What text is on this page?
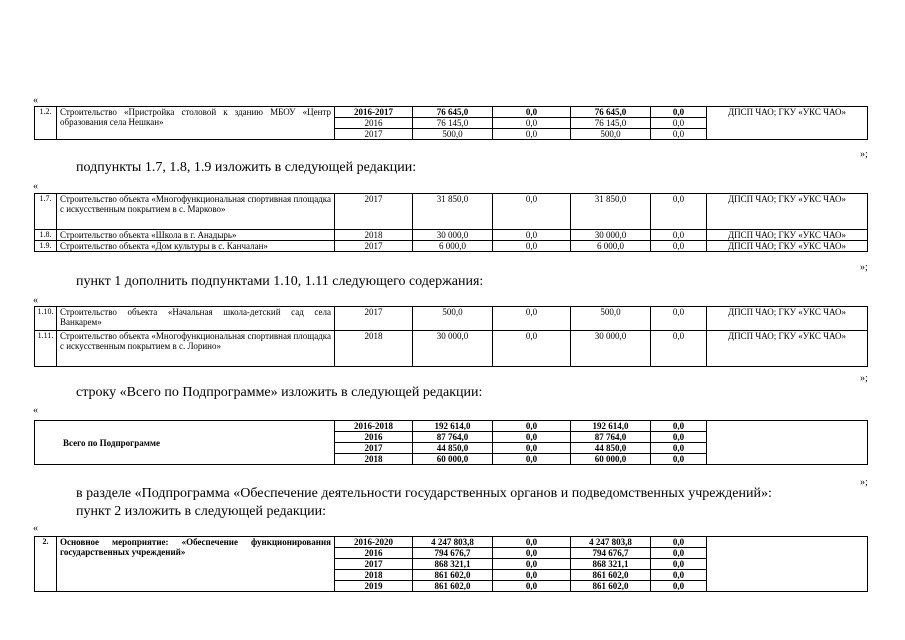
«
1.2.	Строительство «Пристройка столовой к зданию МБОУ «Центр образования села Нешкан»	2016-2017	76 645,0	0,0	76 645,0	0,0	ДПСП ЧАО; ГКУ «УКС ЧАО»
		2016	76 145,0	0,0	76 145,0	0,0	
		2017	500,0	0,0	500,0	0,0	
»;
подпункты 1.7, 1.8, 1.9 изложить в следующей редакции:
«
1.7.	Строительство объекта «Многофункциональная спортивная площадка с искусственным покрытием в с. Марково»	2017	31 850,0	0,0	31 850,0	0,0	ДПСП ЧАО; ГКУ «УКС ЧАО»
1.8.	Строительство объекта «Школа в г. Анадырь»	2018	30 000,0	0,0	30 000,0	0,0	ДПСП ЧАО; ГКУ «УКС ЧАО»
1.9.	Строительство объекта «Дом культуры в с. Канчалан»	2017	6 000,0	0,0	6 000,0	0,0	ДПСП ЧАО; ГКУ «УКС ЧАО»
»;
пункт 1 дополнить подпунктами 1.10, 1.11 следующего содержания:
«
1.10.	Строительство объекта «Начальная школа-детский сад села Ванкарем»	2017	500,0	0,0	500,0	0,0	ДПСП ЧАО; ГКУ «УКС ЧАО»
1.11.	Строительство объекта «Многофункциональная спортивная площадка с искусственным покрытием в с. Лорино»	2018	30 000,0	0,0	30 000,0	0,0	ДПСП ЧАО; ГКУ «УКС ЧАО»
»;
строку «Всего по Подпрограмме» изложить в следующей редакции:
«
Всего по Подпрограмме	2016-2018	192 614,0	0,0	192 614,0	0,0	
	2016	87 764,0	0,0	87 764,0	0,0	
	2017	44 850,0	0,0	44 850,0	0,0	
	2018	60 000,0	0,0	60 000,0	0,0	
»;
в разделе «Подпрограмма «Обеспечение деятельности государственных органов и подведомственных учреждений»:
пункт 2 изложить в следующей редакции:
«
2.	Основное мероприятие: «Обеспечение функционирования государственных учреждений»	2016-2020	4 247 803,8	0,0	4 247 803,8	0,0	
		2016	794 676,7	0,0	794 676,7	0,0	
		2017	868 321,1	0,0	868 321,1	0,0	
		2018	861 602,0	0,0	861 602,0	0,0	
		2019	861 602,0	0,0	861 602,0	0,0	
